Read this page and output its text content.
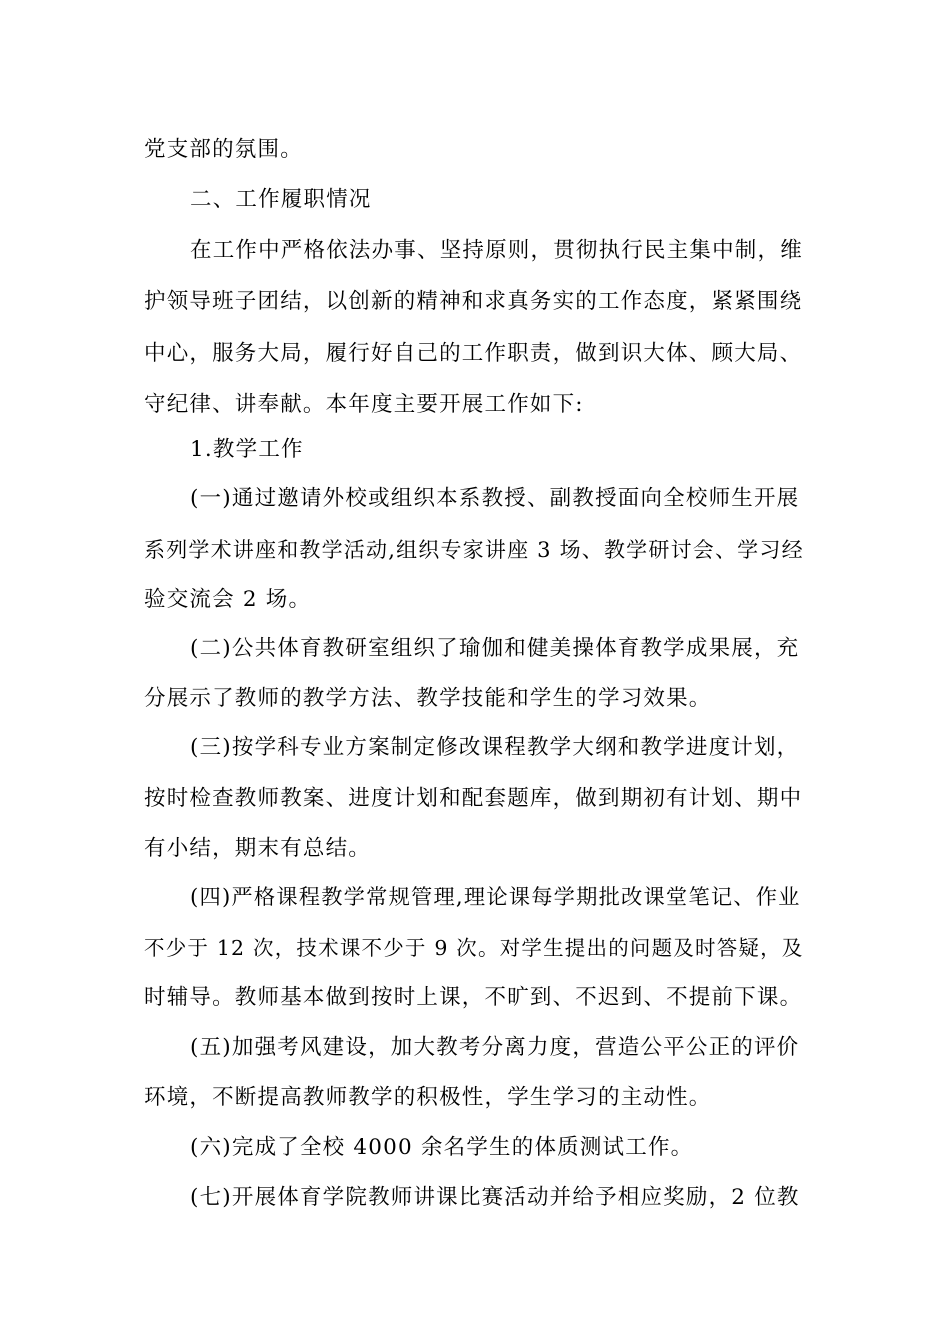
党支部的氛围。
二、工作履职情况
在工作中严格依法办事、坚持原则，贯彻执行民主集中制，维
护领导班子团结，以创新的精神和求真务实的工作态度，紧紧围绕
中心，服务大局，履行好自己的工作职责，做到识大体、顾大局、
守纪律、讲奉献。本年度主要开展工作如下:
1.教学工作
(一)通过邀请外校或组织本系教授、副教授面向全校师生开展
系列学术讲座和教学活动,组织专家讲座 3 场、教学研讨会、学习经
验交流会 2 场。
(二)公共体育教研室组织了瑜伽和健美操体育教学成果展，充
分展示了教师的教学方法、教学技能和学生的学习效果。
(三)按学科专业方案制定修改课程教学大纲和教学进度计划，
按时检查教师教案、进度计划和配套题库，做到期初有计划、期中
有小结，期末有总结。
(四)严格课程教学常规管理,理论课每学期批改课堂笔记、作业
不少于 12 次，技术课不少于 9 次。对学生提出的问题及时答疑，及
时辅导。教师基本做到按时上课，不旷到、不迟到、不提前下课。
(五)加强考风建设，加大教考分离力度，营造公平公正的评价
环境，不断提高教师教学的积极性，学生学习的主动性。
(六)完成了全校 4000 余名学生的体质测试工作。
(七)开展体育学院教师讲课比赛活动并给予相应奖励，2 位教
